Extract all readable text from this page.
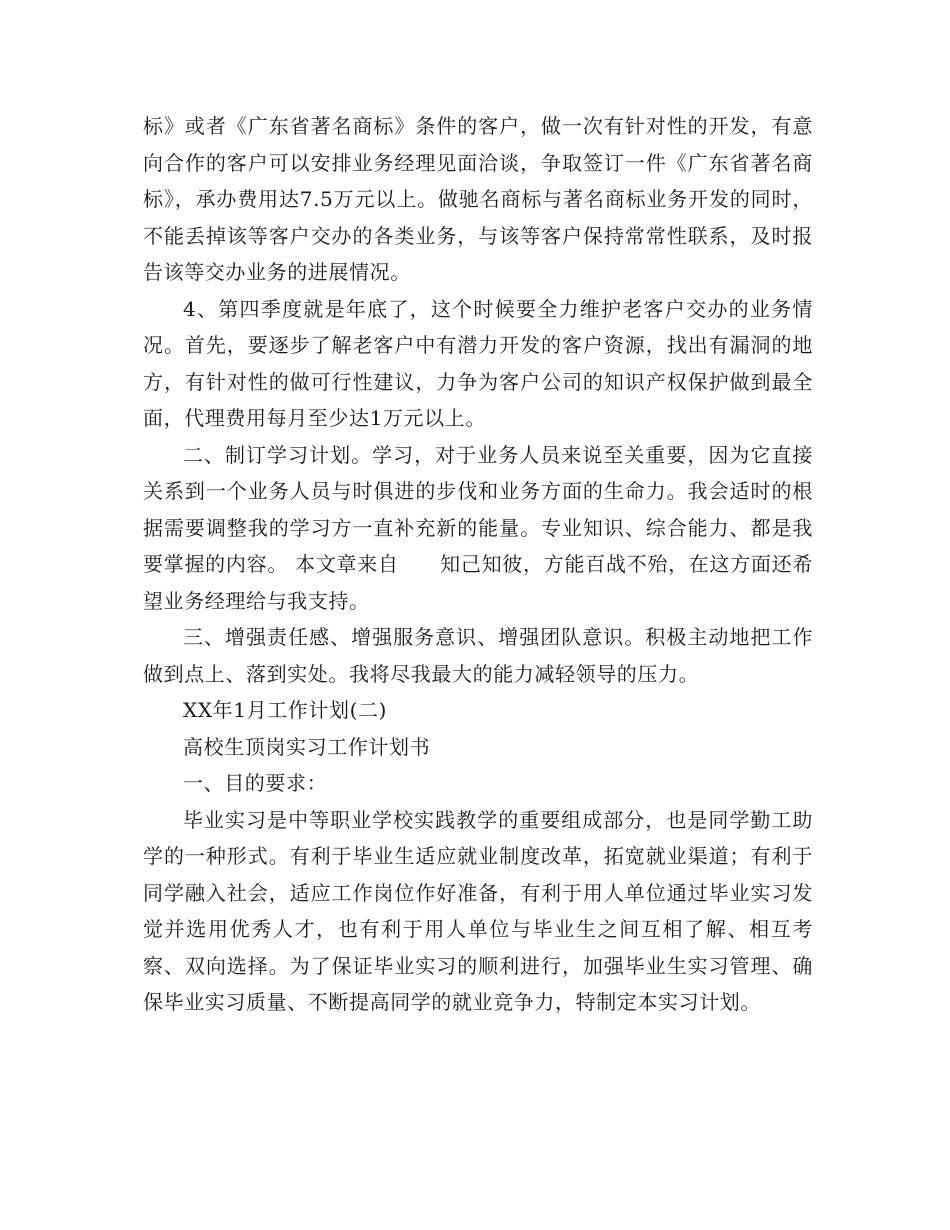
标》或者《广东省著名商标》条件的客户，做一次有针对性的开发，有意向合作的客户可以安排业务经理见面洽谈，争取签订一件《广东省著名商标》，承办费用达7.5万元以上。做驰名商标与著名商标业务开发的同时，不能丢掉该等客户交办的各类业务，与该等客户保持常常性联系，及时报告该等交办业务的进展情况。

4、第四季度就是年底了，这个时候要全力维护老客户交办的业务情况。首先，要逐步了解老客户中有潜力开发的客户资源，找出有漏洞的地方，有针对性的做可行性建议，力争为客户公司的知识产权保护做到最全面，代理费用每月至少达1万元以上。

二、制订学习计划。学习，对于业务人员来说至关重要，因为它直接关系到一个业务人员与时俱进的步伐和业务方面的生命力。我会适时的根据需要调整我的学习方一直补充新的能量。专业知识、综合能力、都是我要掌握的内容。 本文章来自　　知己知彼，方能百战不殆，在这方面还希望业务经理给与我支持。

三、增强责任感、增强服务意识、增强团队意识。积极主动地把工作做到点上、落到实处。我将尽我最大的能力减轻领导的压力。

XX年1月工作计划(二)

高校生顶岗实习工作计划书

一、目的要求：

毕业实习是中等职业学校实践教学的重要组成部分，也是同学勤工助学的一种形式。有利于毕业生适应就业制度改革，拓宽就业渠道；有利于同学融入社会，适应工作岗位作好准备，有利于用人单位通过毕业实习发觉并选用优秀人才，也有利于用人单位与毕业生之间互相了解、相互考察、双向选择。为了保证毕业实习的顺利进行，加强毕业生实习管理、确保毕业实习质量、不断提高同学的就业竞争力，特制定本实习计划。
